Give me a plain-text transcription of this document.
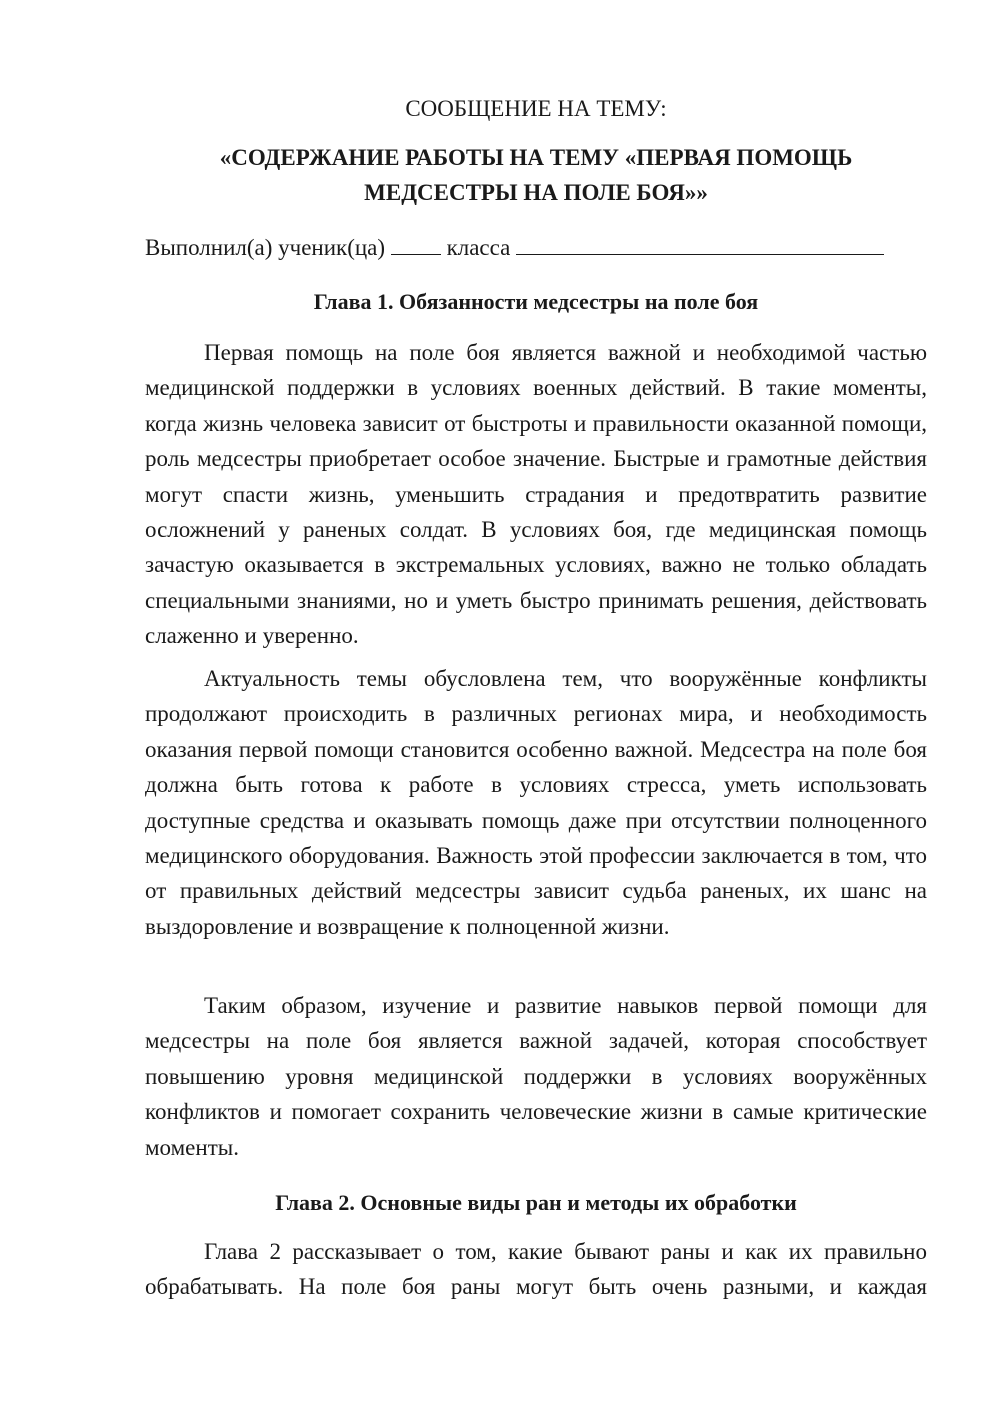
СООБЩЕНИЕ НА ТЕМУ:

«СОДЕРЖАНИЕ РАБОТЫ НА ТЕМУ «ПЕРВАЯ ПОМОЩЬ

МЕДСЕСТРЫ НА ПОЛЕ БОЯ»»

Выполнил(а) ученик(ца)	класса

Глава 1. Обязанности медсестры на поле боя

Первая помощь на поле боя является важной и необходимой частью медицинской поддержки в условиях военных действий. В такие моменты, когда жизнь человека зависит от быстроты и правильности оказанной помощи, роль медсестры приобретает особое значение. Быстрые и грамотные действия могут спасти жизнь, уменьшить страдания и предотвратить развитие осложнений у раненых солдат. В условиях боя, где медицинская помощь зачастую оказывается в экстремальных условиях, важно не только обладать специальными знаниями, но и уметь быстро принимать решения, действовать слаженно и уверенно.

Актуальность темы обусловлена тем, что вооружённые конфликты продолжают происходить в различных регионах мира, и необходимость оказания первой помощи становится особенно важной. Медсестра на поле боя должна быть готова к работе в условиях стресса, уметь использовать доступные средства и оказывать помощь даже при отсутствии полноценного медицинского оборудования. Важность этой профессии заключается в том, что от правильных действий медсестры зависит судьба раненых, их шанс на выздоровление и возвращение к полноценной жизни.

Таким образом, изучение и развитие навыков первой помощи для медсестры на поле боя является важной задачей, которая способствует повышению уровня медицинской поддержки в условиях вооружённых конфликтов и помогает сохранить человеческие жизни в самые критические моменты.

Глава 2. Основные виды ран и методы их обработки

Глава 2 рассказывает о том, какие бывают раны и как их правильно обрабатывать. На поле боя раны могут быть очень разными, и каждая
